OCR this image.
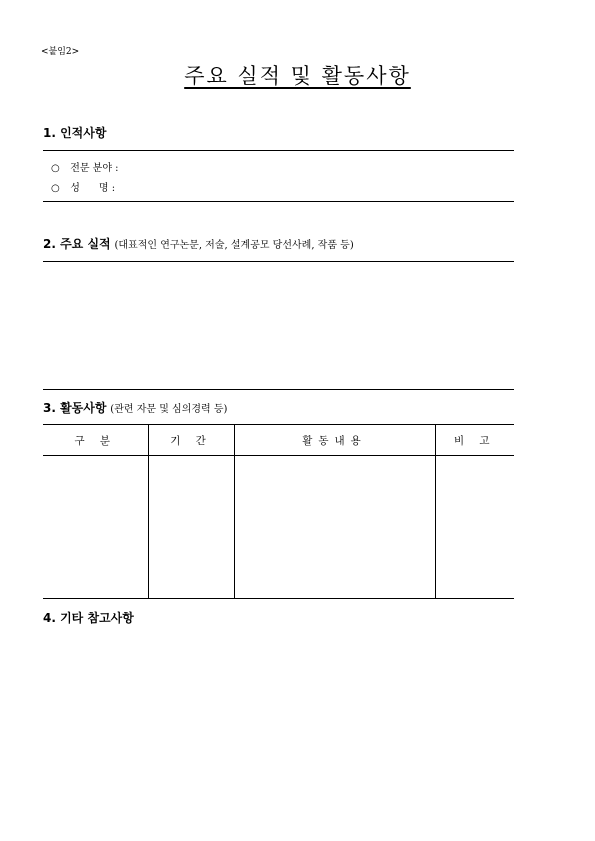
<붙임2>
주요 실적 및 활동사항
1. 인적사항
○ 전문 분야 :
○ 성      명 :
2. 주요 실적 (대표적인 연구논문, 저술, 설계공모 당선사례, 작품 등)
3. 활동사항 (관련 자문 및 심의경력 등)
구 분	기 간	활동내용	비 고

4. 기타 참고사항
